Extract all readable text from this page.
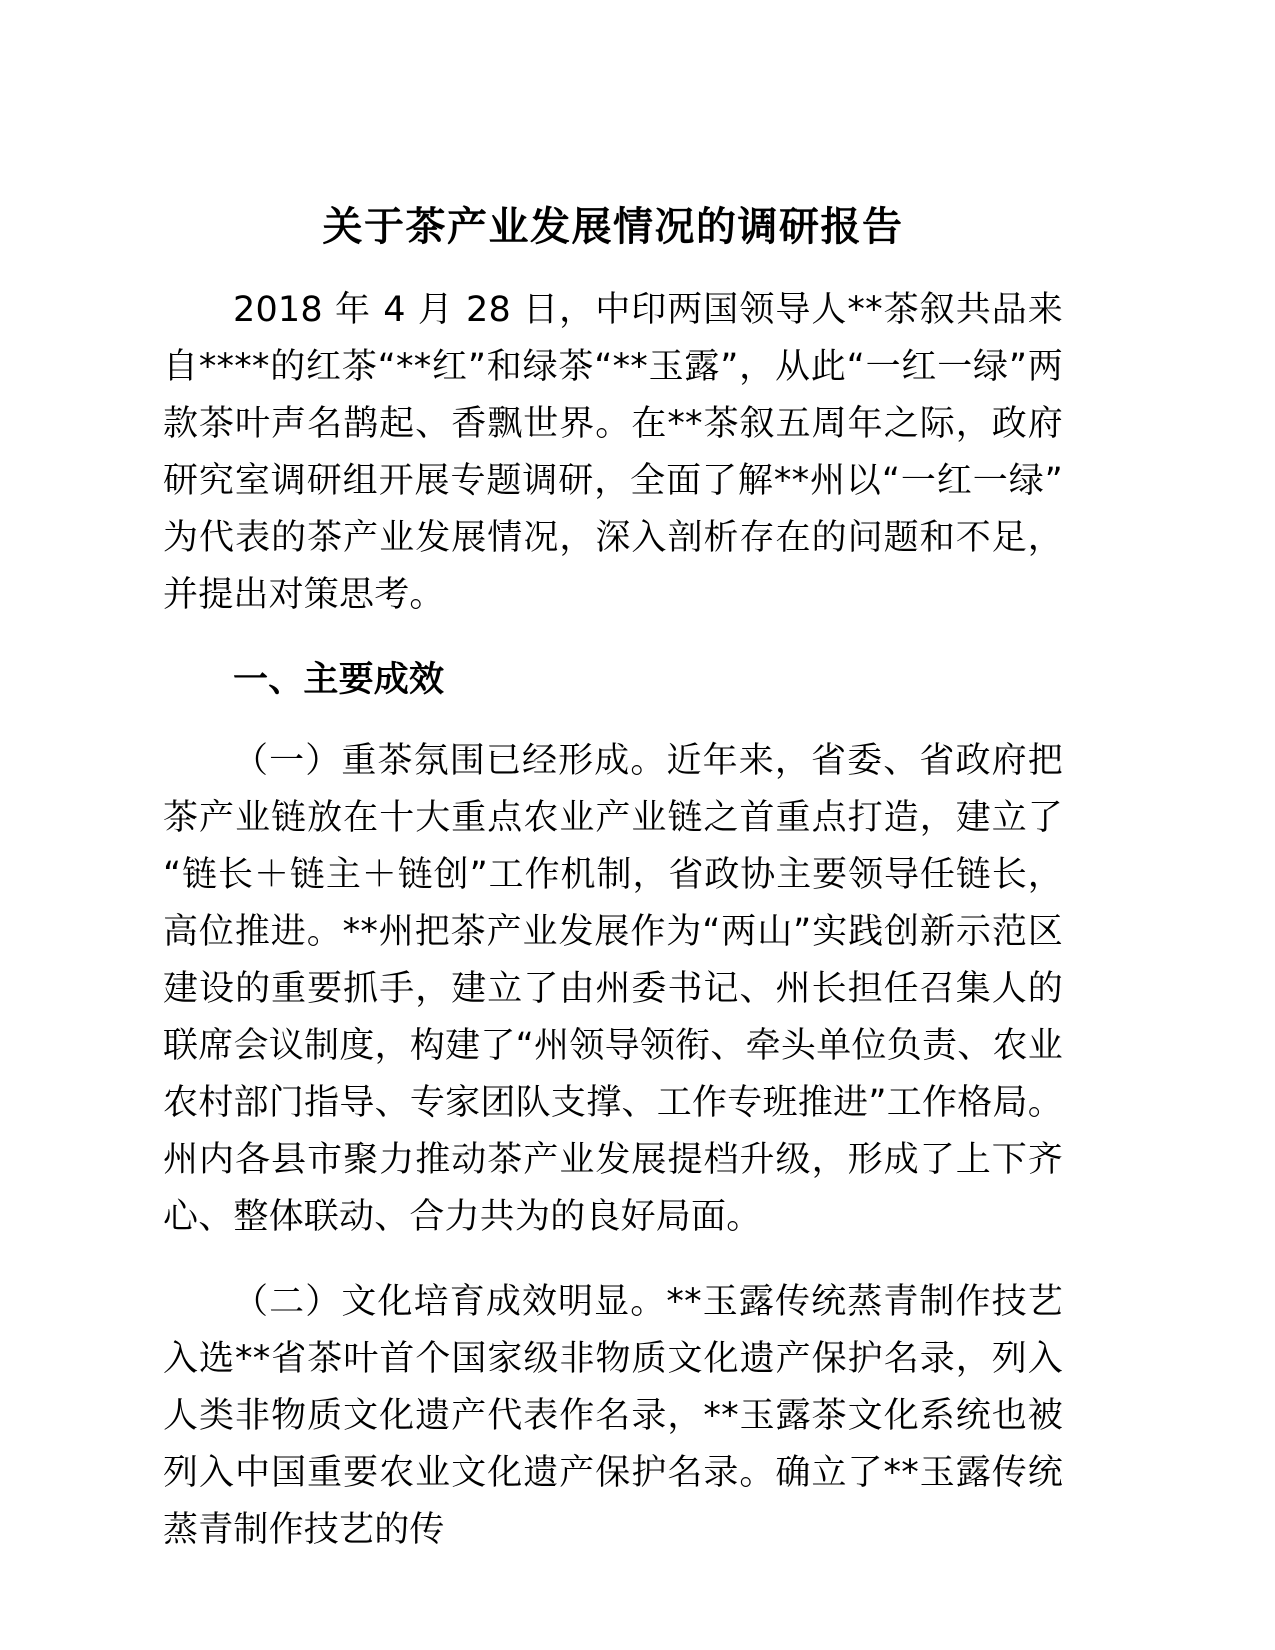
关于茶产业发展情况的调研报告

2018 年 4 月 28 日，中印两国领导人**茶叙共品来自****的红茶“**红”和绿茶“**玉露”，从此“一红一绿”两款茶叶声名鹊起、香飘世界。在**茶叙五周年之际，政府研究室调研组开展专题调研，全面了解**州以“一红一绿”为代表的茶产业发展情况，深入剖析存在的问题和不足，并提出对策思考。

一、主要成效

（一）重茶氛围已经形成。近年来，省委、省政府把茶产业链放在十大重点农业产业链之首重点打造，建立了“链长＋链主＋链创”工作机制，省政协主要领导任链长，高位推进。**州把茶产业发展作为“两山”实践创新示范区建设的重要抓手，建立了由州委书记、州长担任召集人的联席会议制度，构建了“州领导领衔、牵头单位负责、农业农村部门指导、专家团队支撑、工作专班推进”工作格局。州内各县市聚力推动茶产业发展提档升级，形成了上下齐心、整体联动、合力共为的良好局面。

（二）文化培育成效明显。**玉露传统蒸青制作技艺入选**省茶叶首个国家级非物质文化遗产保护名录，列入人类非物质文化遗产代表作名录，**玉露茶文化系统也被列入中国重要农业文化遗产保护名录。确立了**玉露传统蒸青制作技艺的传
